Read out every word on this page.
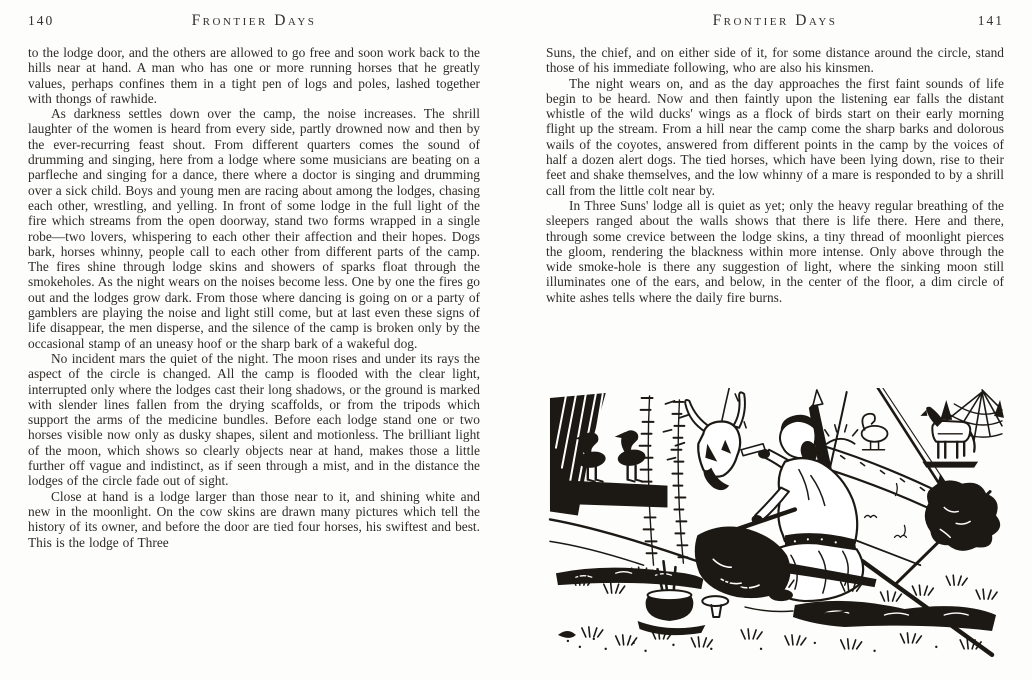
140	Frontier Days

to the lodge door, and the others are allowed to go free and soon work back to the hills near at hand. A man who has one or more running horses that he greatly values, perhaps confines them in a tight pen of logs and poles, lashed together with thongs of rawhide.

As darkness settles down over the camp, the noise increases. The shrill laughter of the women is heard from every side, partly drowned now and then by the ever-recurring feast shout. From different quarters comes the sound of drumming and singing, here from a lodge where some musicians are beating on a parfleche and singing for a dance, there where a doctor is singing and drumming over a sick child. Boys and young men are racing about among the lodges, chasing each other, wrestling, and yelling. In front of some lodge in the full light of the fire which streams from the open doorway, stand two forms wrapped in a single robe—two lovers, whispering to each other their affection and their hopes. Dogs bark, horses whinny, people call to each other from different parts of the camp. The fires shine through lodge skins and showers of sparks float through the smokeholes. As the night wears on the noises become less. One by one the fires go out and the lodges grow dark. From those where dancing is going on or a party of gamblers are playing the noise and light still come, but at last even these signs of life disappear, the men disperse, and the silence of the camp is broken only by the occasional stamp of an uneasy hoof or the sharp bark of a wakeful dog.

No incident mars the quiet of the night. The moon rises and under its rays the aspect of the circle is changed. All the camp is flooded with the clear light, interrupted only where the lodges cast their long shadows, or the ground is marked with slender lines fallen from the drying scaffolds, or from the tripods which support the arms of the medicine bundles. Before each lodge stand one or two horses visible now only as dusky shapes, silent and motionless. The brilliant light of the moon, which shows so clearly objects near at hand, makes those a little further off vague and indistinct, as if seen through a mist, and in the distance the lodges of the circle fade out of sight.

Close at hand is a lodge larger than those near to it, and shining white and new in the moonlight. On the cow skins are drawn many pictures which tell the history of its owner, and before the door are tied four horses, his swiftest and best. This is the lodge of Three

Frontier Days	141

Suns, the chief, and on either side of it, for some distance around the circle, stand those of his immediate following, who are also his kinsmen.

The night wears on, and as the day approaches the first faint sounds of life begin to be heard. Now and then faintly upon the listening ear falls the distant whistle of the wild ducks' wings as a flock of birds start on their early morning flight up the stream. From a hill near the camp come the sharp barks and dolorous wails of the coyotes, answered from different points in the camp by the voices of half a dozen alert dogs. The tied horses, which have been lying down, rise to their feet and shake themselves, and the low whinny of a mare is responded to by a shrill call from the little colt near by.

In Three Suns' lodge all is quiet as yet; only the heavy regular breathing of the sleepers ranged about the walls shows that there is life there. Here and there, through some crevice between the lodge skins, a tiny thread of moonlight pierces the gloom, rendering the blackness within more intense. Only above through the wide smoke-hole is there any suggestion of light, where the sinking moon still illuminates one of the ears, and below, in the center of the floor, a dim circle of white ashes tells where the daily fire burns.
